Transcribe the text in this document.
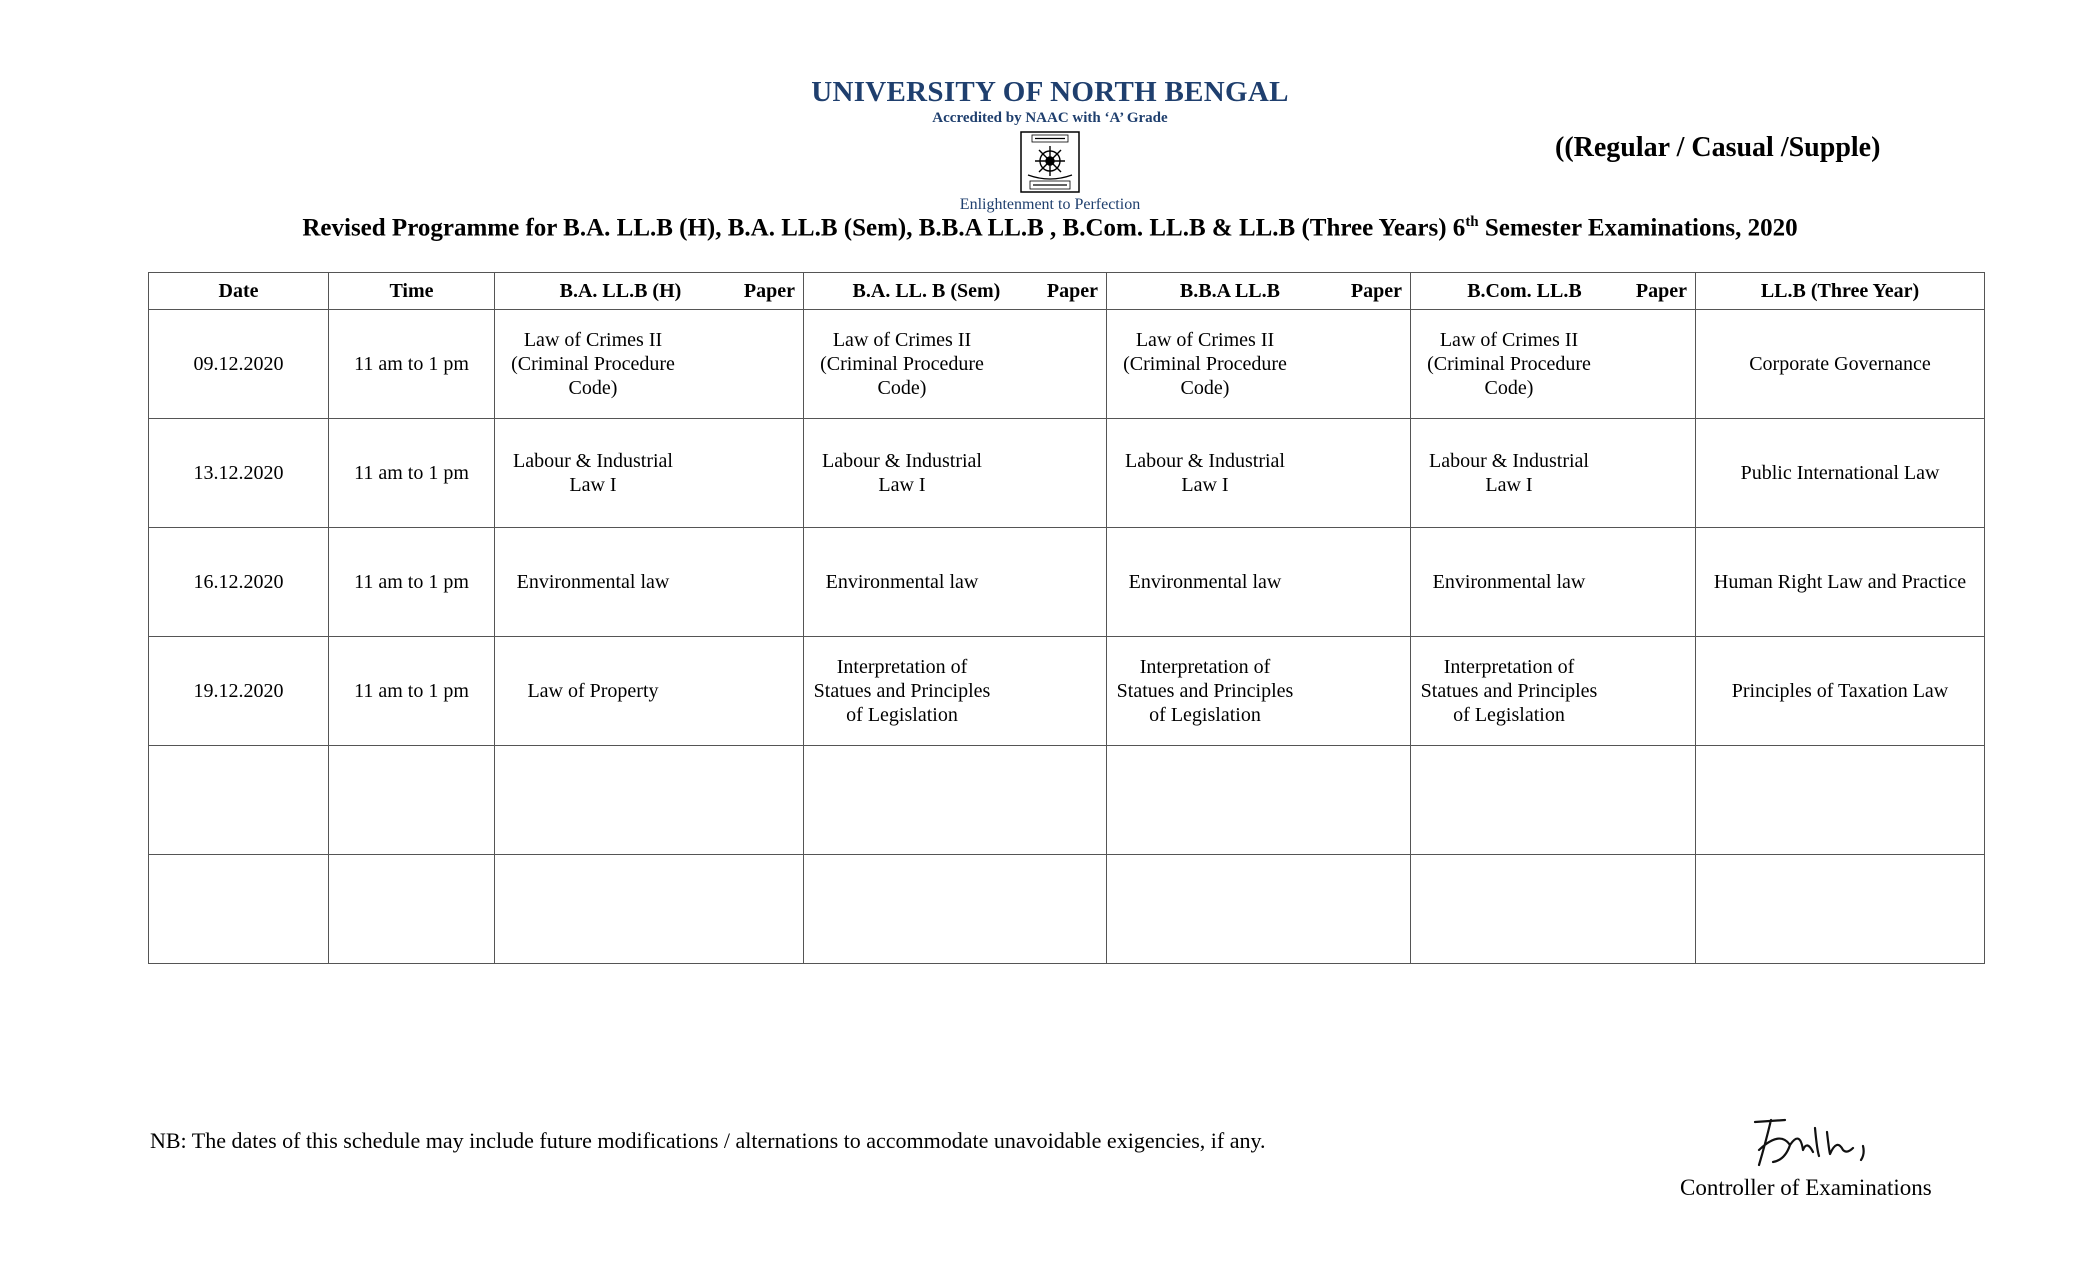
UNIVERSITY OF NORTH BENGAL
Accredited by NAAC with ‘A’ Grade
Enlightenment to Perfection
((Regular / Casual /Supple)
Revised Programme for B.A. LL.B (H), B.A. LL.B (Sem), B.B.A LL.B , B.Com. LL.B & LL.B (Three Years) 6th Semester Examinations, 2020
Date	Time	B.A. LL.B (H) Paper	B.A. LL. B (Sem) Paper	B.B.A LL.B Paper	B.Com. LL.B Paper	LL.B (Three Year)
09.12.2020	11 am to 1 pm	Law of Crimes II (Criminal Procedure Code)	Law of Crimes II (Criminal Procedure Code)	Law of Crimes II (Criminal Procedure Code)	Law of Crimes II (Criminal Procedure Code)	Corporate Governance
13.12.2020	11 am to 1 pm	Labour & Industrial Law I	Labour & Industrial Law I	Labour & Industrial Law I	Labour & Industrial Law I	Public International Law
16.12.2020	11 am to 1 pm	Environmental law	Environmental law	Environmental law	Environmental law	Human Right Law and Practice
19.12.2020	11 am to 1 pm	Law of Property	Interpretation of Statues and Principles of Legislation	Interpretation of Statues and Principles of Legislation	Interpretation of Statues and Principles of Legislation	Principles of Taxation Law

NB: The dates of this schedule may include future modifications / alternations to accommodate unavoidable exigencies, if any.
Controller of Examinations
